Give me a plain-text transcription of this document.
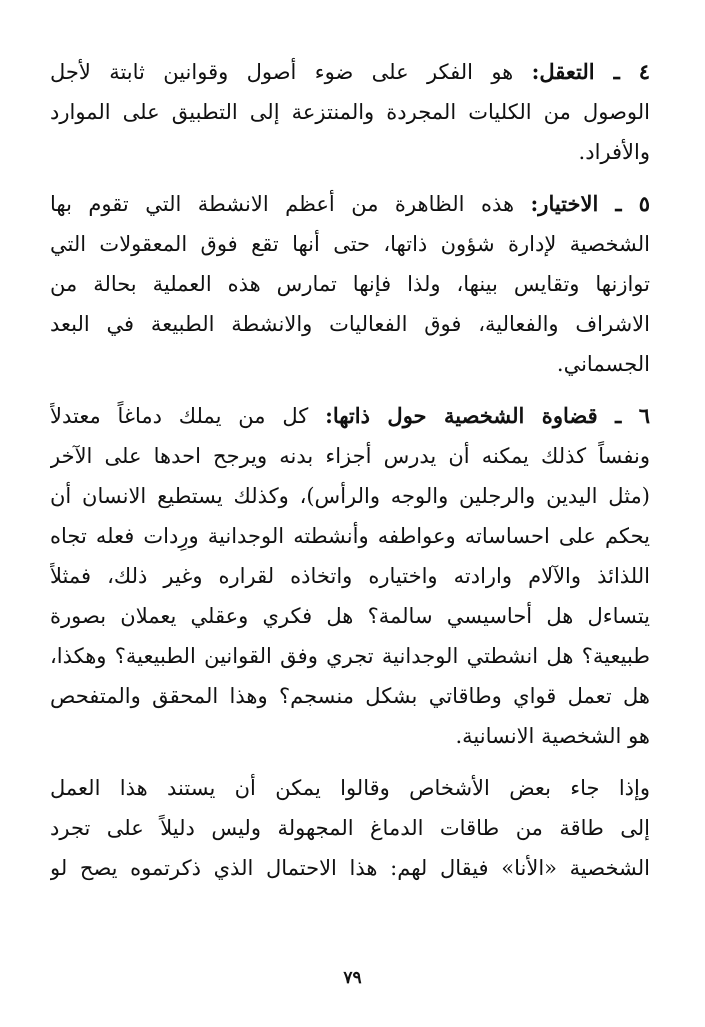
٤ ـ التعقل: هو الفكر على ضوء أصول وقوانين ثابتة لأجل
الوصول من الكليات المجردة والمنتزعة إلى التطبيق على الموارد
والأفراد.
٥ ـ الاختيار: هذه الظاهرة من أعظم الانشطة التي تقوم بها
الشخصية لإدارة شؤون ذاتها، حتى أنها تقع فوق المعقولات التي
توازنها وتقايس بينها، ولذا فإنها تمارس هذه العملية بحالة من
الاشراف والفعالية، فوق الفعاليات والانشطة الطبيعة في البعد
الجسماني.
٦ ـ قضاوة الشخصية حول ذاتها: كل من يملك دماغاً معتدلاً
ونفساً كذلك يمكنه أن يدرس أجزاء بدنه ويرجح احدها على الآخر
(مثل اليدين والرجلين والوجه والرأس)، وكذلك يستطيع الانسان أن
يحكم على احساساته وعواطفه وأنشطته الوجدانية ورِدات فعله تجاه
اللذائذ والآلام وارادته واختياره واتخاذه لقراره وغير ذلك، فمثلاً
يتساءل هل أحاسيسي سالمة؟ هل فكري وعقلي يعملان بصورة
طبيعية؟ هل انشطتي الوجدانية تجري وفق القوانين الطبيعية؟ وهكذا،
هل تعمل قواي وطاقاتي بشكل منسجم؟ وهذا المحقق والمتفحص
هو الشخصية الانسانية.
وإذا جاء بعض الأشخاص وقالوا يمكن أن يستند هذا العمل
إلى طاقة من طاقات الدماغ المجهولة وليس دليلاً على تجرد
الشخصية «الأنا» فيقال لهم: هذا الاحتمال الذي ذكرتموه يصح لو
٧٩
